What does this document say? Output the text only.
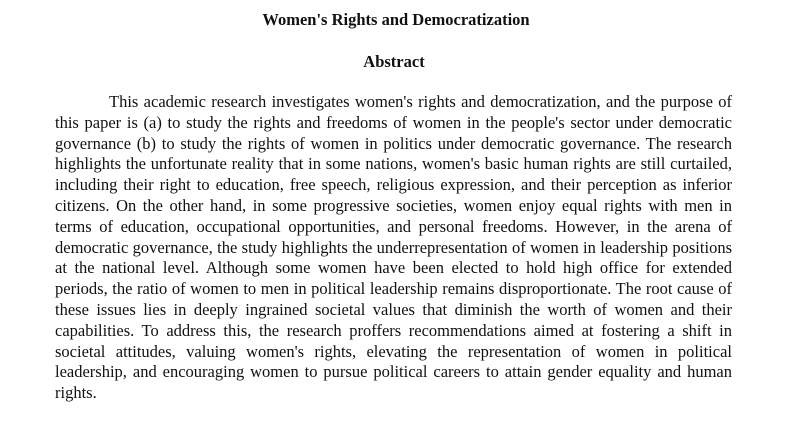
Women's Rights and Democratization
Abstract

This academic research investigates women's rights and democratization, and the purpose of this paper is (a) to study the rights and freedoms of women in the people's sector under democratic governance (b) to study the rights of women in politics under democratic governance. The research highlights the unfortunate reality that in some nations, women's basic human rights are still curtailed, including their right to education, free speech, religious expression, and their perception as inferior citizens. On the other hand, in some progressive societies, women enjoy equal rights with men in terms of education, occupational opportunities, and personal freedoms. However, in the arena of democratic governance, the study highlights the underrepresentation of women in leadership positions at the national level. Although some women have been elected to hold high office for extended periods, the ratio of women to men in political leadership remains disproportionate. The root cause of these issues lies in deeply ingrained societal values that diminish the worth of women and their capabilities. To address this, the research proffers recommendations aimed at fostering a shift in societal attitudes, valuing women's rights, elevating the representation of women in political leadership, and encouraging women to pursue political careers to attain gender equality and human rights.
